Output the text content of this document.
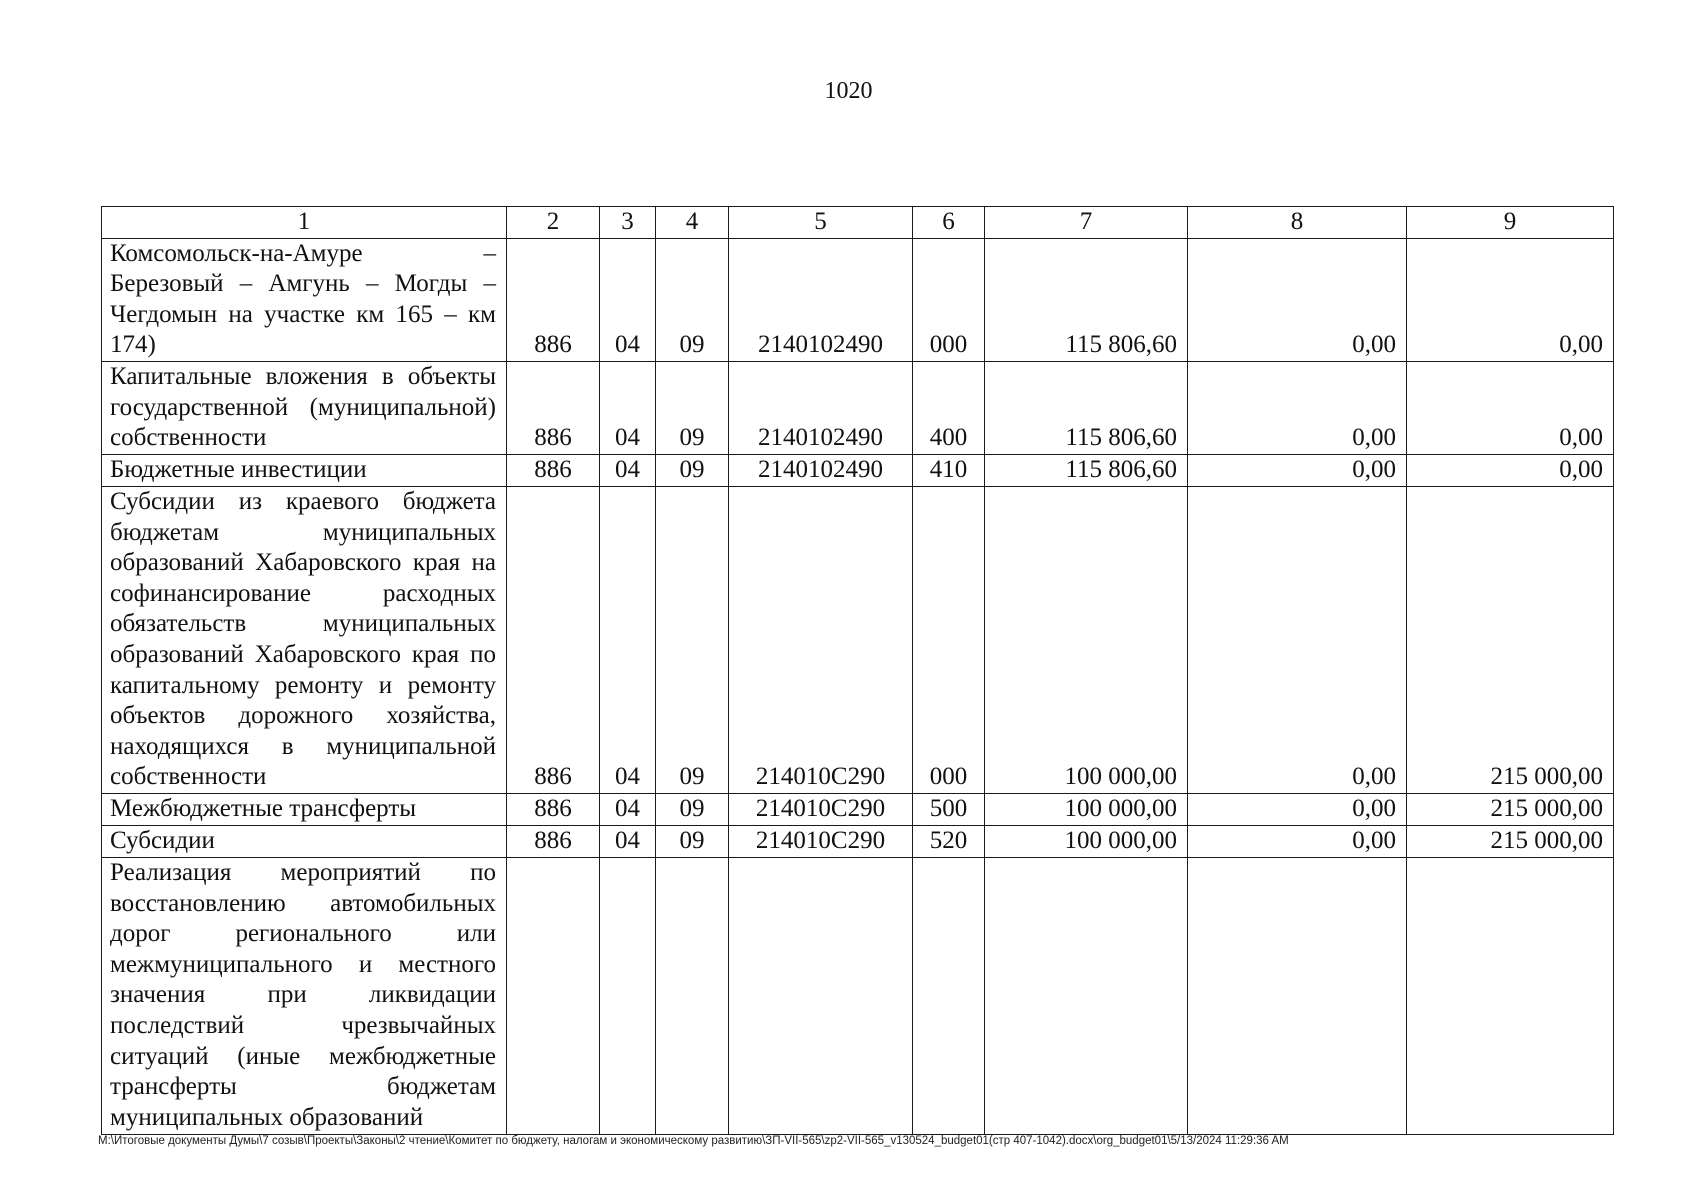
1020
1	2	3	4	5	6	7	8	9
Комсомольск-на-Амуре – Березовый – Амгунь – Могды – Чегдомын на участке км 165 – км 174)	886	04	09	2140102490	000	115 806,60	0,00	0,00
Капитальные вложения в объекты государственной (муниципальной) собственности	886	04	09	2140102490	400	115 806,60	0,00	0,00
Бюджетные инвестиции	886	04	09	2140102490	410	115 806,60	0,00	0,00
Субсидии из краевого бюджета бюджетам муниципальных образований Хабаровского края на софинансирование расходных обязательств муниципальных образований Хабаровского края по капитальному ремонту и ремонту объектов дорожного хозяйства, находящихся в муниципальной собственности	886	04	09	214010С290	000	100 000,00	0,00	215 000,00
Межбюджетные трансферты	886	04	09	214010С290	500	100 000,00	0,00	215 000,00
Субсидии	886	04	09	214010С290	520	100 000,00	0,00	215 000,00
Реализация мероприятий по восстановлению автомобильных дорог регионального или межмуниципального и местного значения при ликвидации последствий чрезвычайных ситуаций (иные межбюджетные трансферты бюджетам муниципальных образований								
M:\Итоговые документы Думы\7 созыв\Проекты\Законы\2 чтение\Комитет по бюджету, налогам и экономическому развитию\ЗП-VII-565\zp2-VII-565_v130524_budget01(стр 407-1042).docx\org_budget01\5/13/2024 11:29:36 AM
